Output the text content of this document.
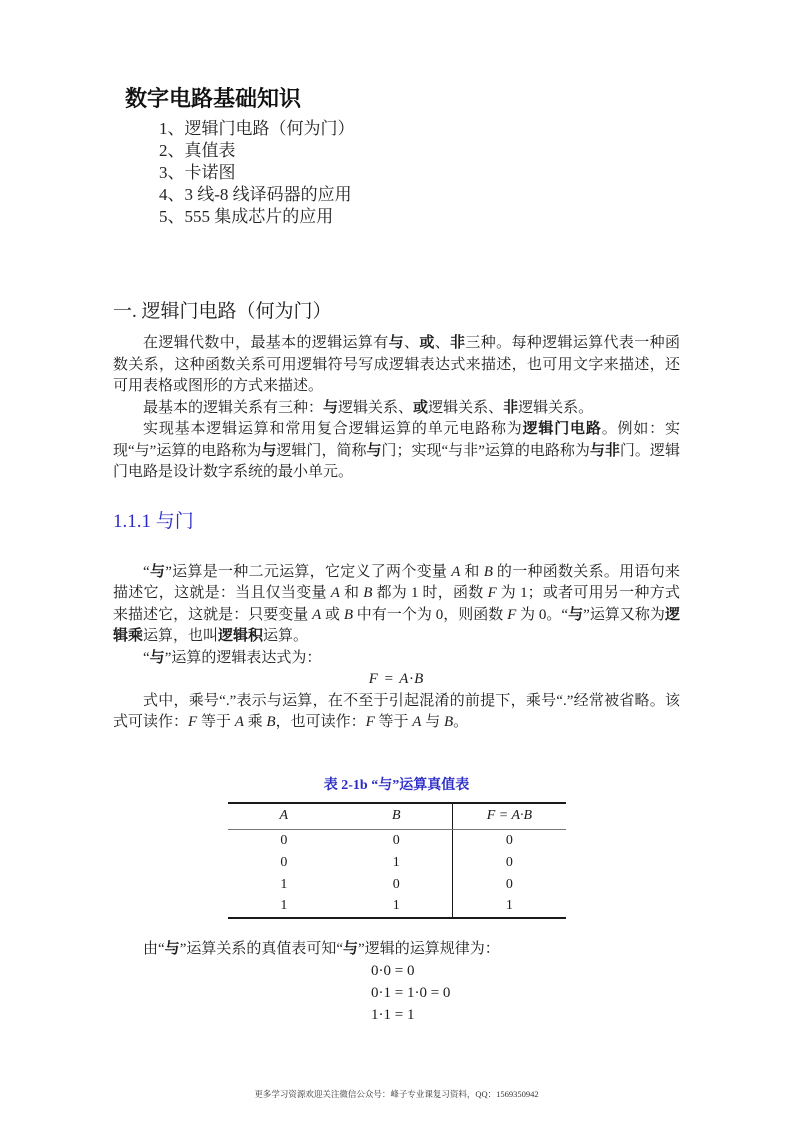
数字电路基础知识
1、逻辑门电路（何为门）
2、真值表
3、卡诺图
4、3 线-8 线译码器的应用
5、555 集成芯片的应用
一. 逻辑门电路（何为门）

在逻辑代数中，最基本的逻辑运算有与、或、非三种。每种逻辑运算代表一种函数关系，这种函数关系可用逻辑符号写成逻辑表达式来描述，也可用文字来描述，还可用表格或图形的方式来描述。

最基本的逻辑关系有三种：与逻辑关系、或逻辑关系、非逻辑关系。

实现基本逻辑运算和常用复合逻辑运算的单元电路称为逻辑门电路。例如：实现“与”运算的电路称为与逻辑门，简称与门；实现“与非”运算的电路称为与非门。逻辑门电路是设计数字系统的最小单元。

1.1.1 与门

“与”运算是一种二元运算，它定义了两个变量 A 和 B 的一种函数关系。用语句来描述它，这就是：当且仅当变量 A 和 B 都为 1 时，函数 F 为 1；或者可用另一种方式来描述它，这就是：只要变量 A 或 B 中有一个为 0，则函数 F 为 0。“与”运算又称为逻辑乘运算，也叫逻辑积运算。

“与”运算的逻辑表达式为：

F = A·B

式中，乘号“.”表示与运算，在不至于引起混淆的前提下，乘号“.”经常被省略。该式可读作：F 等于 A 乘 B，也可读作：F 等于 A 与 B。

表 2-1b “与”运算真值表
A	B	F = A·B
0	0	0
0	1	0
1	0	0
1	1	1

由“与”运算关系的真值表可知“与”逻辑的运算规律为：

0·0 = 0
0·1 = 1·0 = 0
1·1 = 1
更多学习资源欢迎关注微信公众号：峰子专业课复习资料，QQ：1569350942
